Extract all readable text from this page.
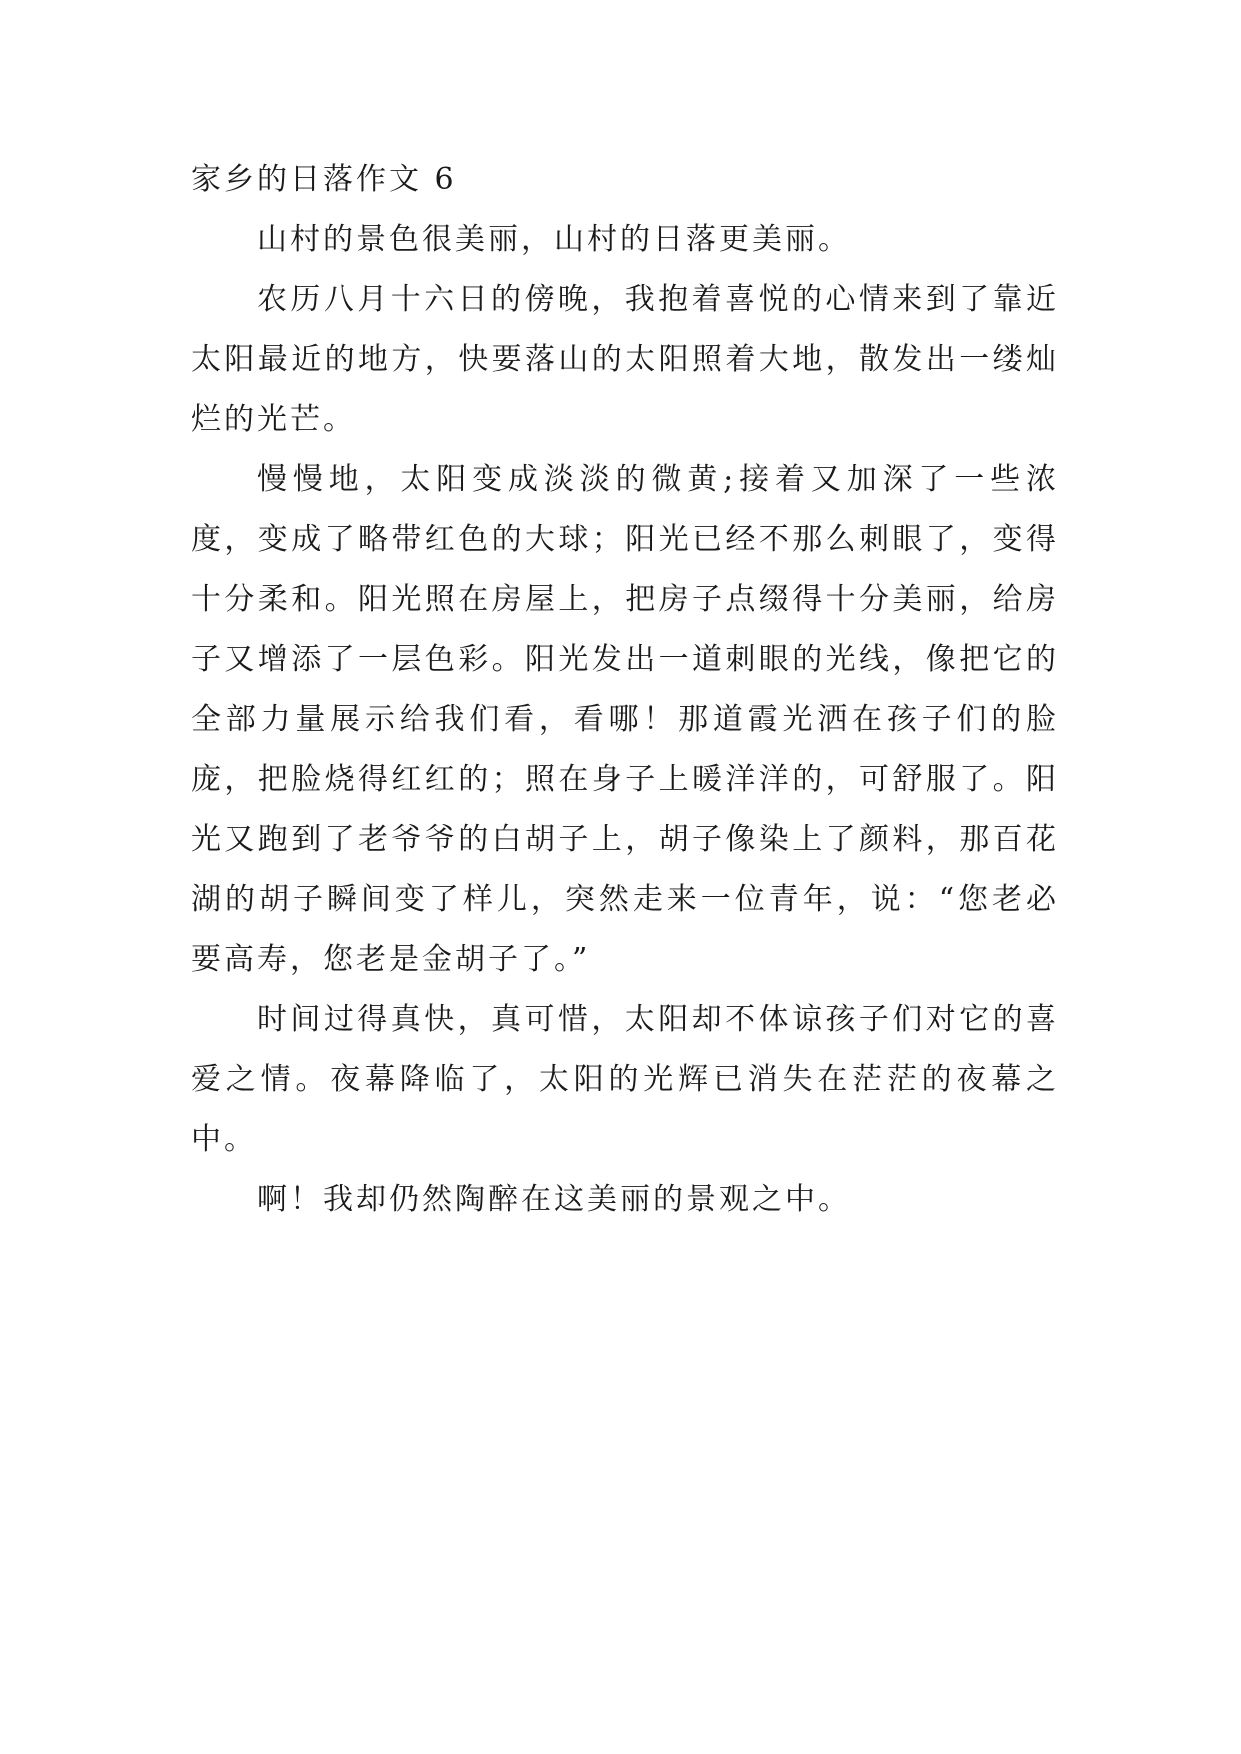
家乡的日落作文 6

山村的景色很美丽，山村的日落更美丽。

农历八月十六日的傍晚，我抱着喜悦的心情来到了靠近太阳最近的地方，快要落山的太阳照着大地，散发出一缕灿烂的光芒。

慢慢地，太阳变成淡淡的微黄;接着又加深了一些浓度，变成了略带红色的大球；阳光已经不那么刺眼了，变得十分柔和。阳光照在房屋上，把房子点缀得十分美丽，给房子又增添了一层色彩。阳光发出一道刺眼的光线，像把它的全部力量展示给我们看，看哪！那道霞光洒在孩子们的脸庞，把脸烧得红红的；照在身子上暖洋洋的，可舒服了。阳光又跑到了老爷爷的白胡子上，胡子像染上了颜料，那百花湖的胡子瞬间变了样儿，突然走来一位青年，说：“您老必要高寿，您老是金胡子了。”

时间过得真快，真可惜，太阳却不体谅孩子们对它的喜爱之情。夜幕降临了，太阳的光辉已消失在茫茫的夜幕之中。

啊！我却仍然陶醉在这美丽的景观之中。
